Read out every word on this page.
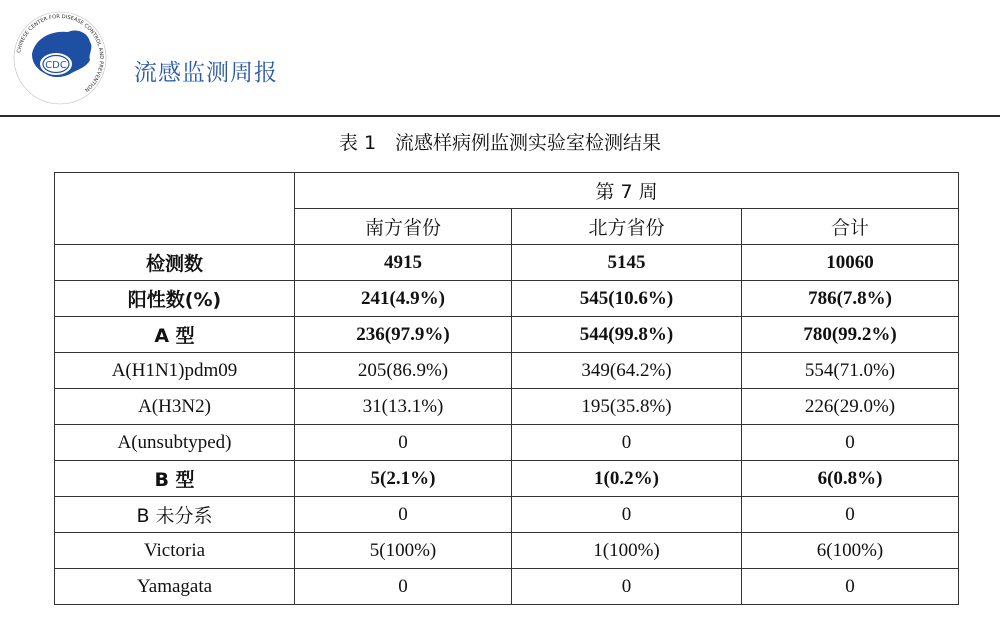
CHINESE CENTER FOR DISEASE CONTROL AND PREVENTION
CDC	流感监测周报
表 1　流感样病例监测实验室检测结果
	第 7 周		
	南方省份	北方省份	合计
检测数	4915	5145	10060
阳性数(%)	241(4.9%)	545(10.6%)	786(7.8%)
A 型	236(97.9%)	544(99.8%)	780(99.2%)
A(H1N1)pdm09	205(86.9%)	349(64.2%)	554(71.0%)
A(H3N2)	31(13.1%)	195(35.8%)	226(29.0%)
A(unsubtyped)	0	0	0
B 型	5(2.1%)	1(0.2%)	6(0.8%)
B 未分系	0	0	0
Victoria	5(100%)	1(100%)	6(100%)
Yamagata	0	0	0
